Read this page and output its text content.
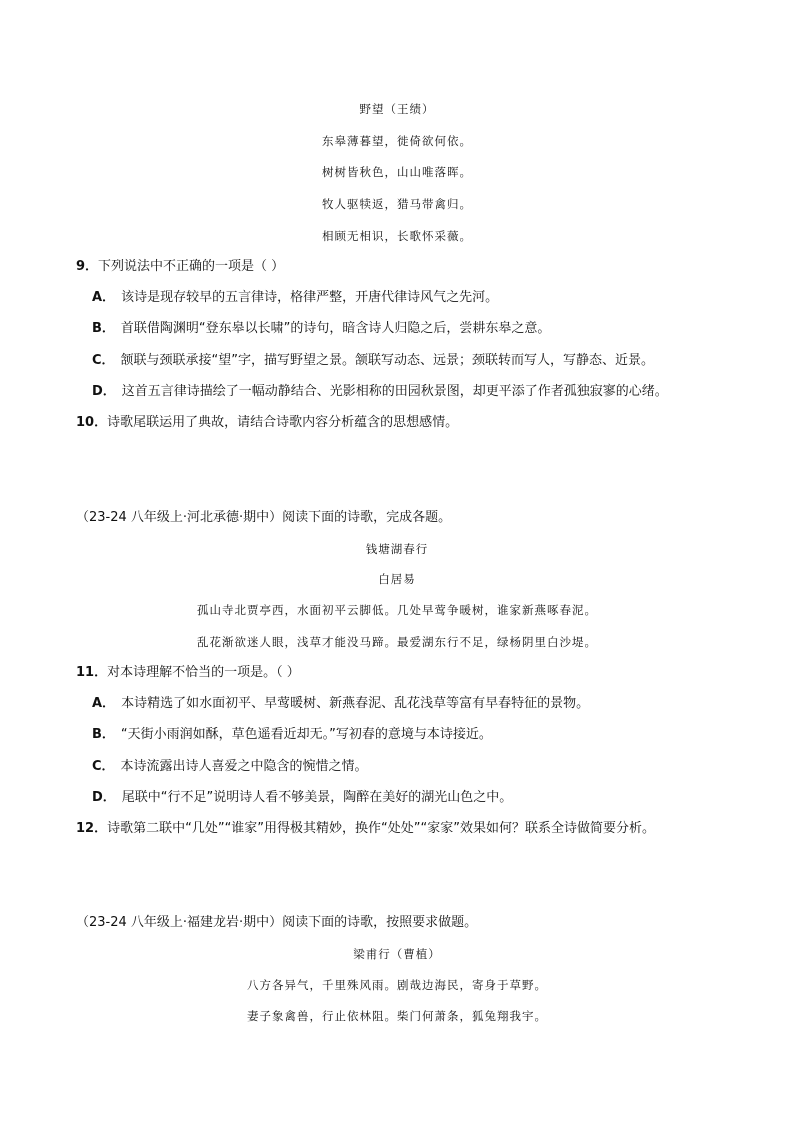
野望（王绩）
东皋薄暮望，徙倚欲何依。
树树皆秋色，山山唯落晖。
牧人驱犊返，猎马带禽归。
相顾无相识，长歌怀采薇。
9．下列说法中不正确的一项是（ ）
A． 该诗是现存较早的五言律诗，格律严整，开唐代律诗风气之先河。
B． 首联借陶渊明“登东皋以长啸”的诗句，暗含诗人归隐之后，尝耕东皋之意。
C． 颔联与颈联承接“望”字，描写野望之景。颔联写动态、远景；颈联转而写人，写静态、近景。
D． 这首五言律诗描绘了一幅动静结合、光影相称的田园秋景图，却更平添了作者孤独寂寥的心绪。
10．诗歌尾联运用了典故，请结合诗歌内容分析蕴含的思想感情。
（23-24 八年级上·河北承德·期中）阅读下面的诗歌，完成各题。
钱塘湖春行
白居易
孤山寺北贾亭西，水面初平云脚低。几处早莺争暖树，谁家新燕啄春泥。
乱花渐欲迷人眼，浅草才能没马蹄。最爱湖东行不足，绿杨阴里白沙堤。
11．对本诗理解不恰当的一项是。（ ）
A． 本诗精选了如水面初平、早莺暖树、新燕春泥、乱花浅草等富有早春特征的景物。
B． “天街小雨润如酥，草色遥看近却无。”写初春的意境与本诗接近。
C． 本诗流露出诗人喜爱之中隐含的惋惜之情。
D． 尾联中“行不足”说明诗人看不够美景，陶醉在美好的湖光山色之中。
12．诗歌第二联中“几处”“谁家”用得极其精妙，换作“处处”“家家”效果如何？联系全诗做简要分析。
（23-24 八年级上·福建龙岩·期中）阅读下面的诗歌，按照要求做题。
梁甫行（曹植）
八方各异气，千里殊风雨。剧哉边海民，寄身于草野。
妻子象禽兽，行止依林阻。柴门何萧条，狐兔翔我宇。
